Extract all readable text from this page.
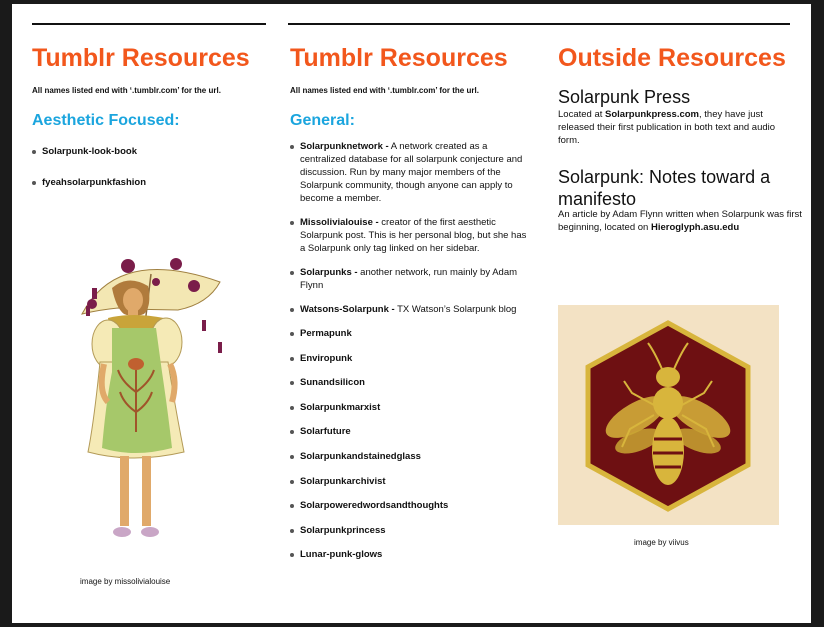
Tumblr Resources

All names listed end with ‘.tumblr.com’ for the url.

Aesthetic Focused:
Solarpunk-look-book
fyeahsolarpunkfashion
image by missolivialouise
Tumblr Resources

All names listed end with ‘.tumblr.com’ for the url.

General:
Solarpunknetwork - A network created as a centralized database for all solarpunk conjecture and discussion. Run by many major members of the Solarpunk community, though anyone can apply to become a member.
Missolivialouise - creator of the first aesthetic Solarpunk post. This is her personal blog, but she has a Solarpunk only tag linked on her sidebar.
Solarpunks - another network, run mainly by Adam Flynn
Watsons-Solarpunk - TX Watson’s Solarpunk blog
Permapunk
Enviropunk
Sunandsilicon
Solarpunkmarxist
Solarfuture
Solarpunkandstainedglass
Solarpunkarchivist
Solarpoweredwordsandthoughts
Solarpunkprincess
Lunar-punk-glows
Outside Resources
Solarpunk Press

Located at Solarpunkpress.com, they have just released their first publication in both text and audio form.

Solarpunk: Notes toward a manifesto

An article by Adam Flynn written when Solarpunk was first beginning, located on Hieroglyph.asu.edu

image by viivus
